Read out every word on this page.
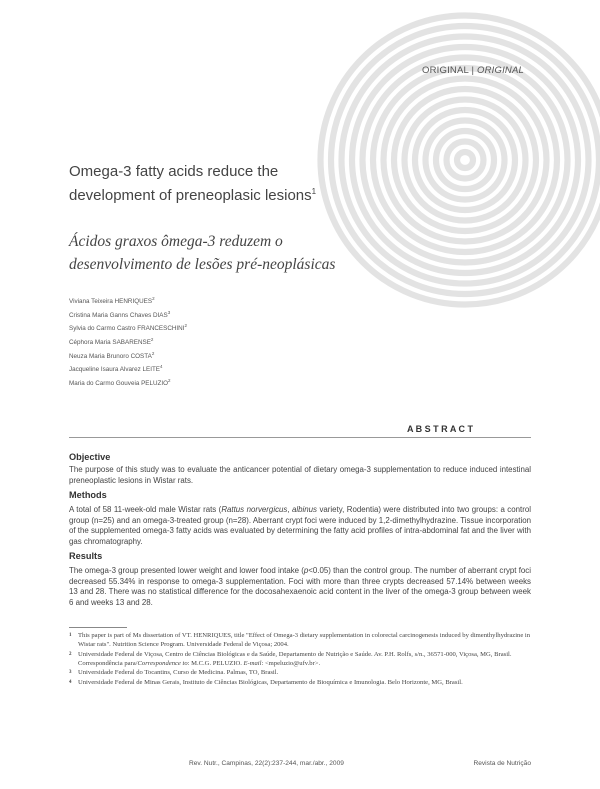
ORIGINAL | ORIGINAL
Omega-3 fatty acids reduce the
development of preneoplasic lesions$^1$
Ácidos graxos ômega-3 reduzem o
desenvolvimento de lesões pré-neoplásicas
Viviana Teixeira HENRIQUES$^2$
Cristina Maria Ganns Chaves DIAS$^3$
Sylvia do Carmo Castro FRANCESCHINI$^2$
Céphora Maria SABARENSE$^2$
Neuza Maria Brunoro COSTA$^2$
Jacqueline Isaura Alvarez LEITE$^4$
Maria do Carmo Gouveia PELUZIO$^2$
A B S T R A C T
Objective
The purpose of this study was to evaluate the anticancer potential of dietary omega-3 supplementation to reduce induced intestinal preneoplastic lesions in Wistar rats.
Methods
A total of 58 11-week-old male Wistar rats (Rattus norvergicus, albinus variety, Rodentia) were distributed into two groups: a control group (n=25) and an omega-3-treated group (n=28). Aberrant crypt foci were induced by 1,2-dimethylhydrazine. Tissue incorporation of the supplemented omega-3 fatty acids was evaluated by determining the fatty acid profiles of intra-abdominal fat and the liver with gas chromatography.
Results
The omega-3 group presented lower weight and lower food intake (p<0.05) than the control group. The number of aberrant crypt foci decreased 55.34% in response to omega-3 supplementation. Foci with more than three crypts decreased 57.14% between weeks 13 and 28. There was no statistical difference for the docosahexaenoic acid content in the liver of the omega-3 group between week 6 and weeks 13 and 28.
1 This paper is part of Ms dissertation of VT. HENRIQUES, title "Effect of Omega-3 dietary supplementation in colorectal carcinogenesis induced by dimenthylhydrazine in Wistar rats". Nutrition Science Program. Universidade Federal de Viçosa; 2004.
2 Universidade Federal de Viçosa, Centro de Ciências Biológicas e da Saúde, Departamento de Nutrição e Saúde. Av. P.H. Rolfs, s/n., 36571-000, Viçosa, MG, Brasil. Correspondência para/Correspondence to: M.C.G. PELUZIO. E-mail: <mpeluzio@ufv.br>.
3 Universidade Federal do Tocantins, Curso de Medicina. Palmas, TO, Brasil.
4 Universidade Federal de Minas Gerais, Instituto de Ciências Biológicas, Departamento de Bioquímica e Imunologia. Belo Horizonte, MG, Brasil.
Rev. Nutr., Campinas, 22(2):237-244, mar./abr., 2009	Revista de Nutrição
